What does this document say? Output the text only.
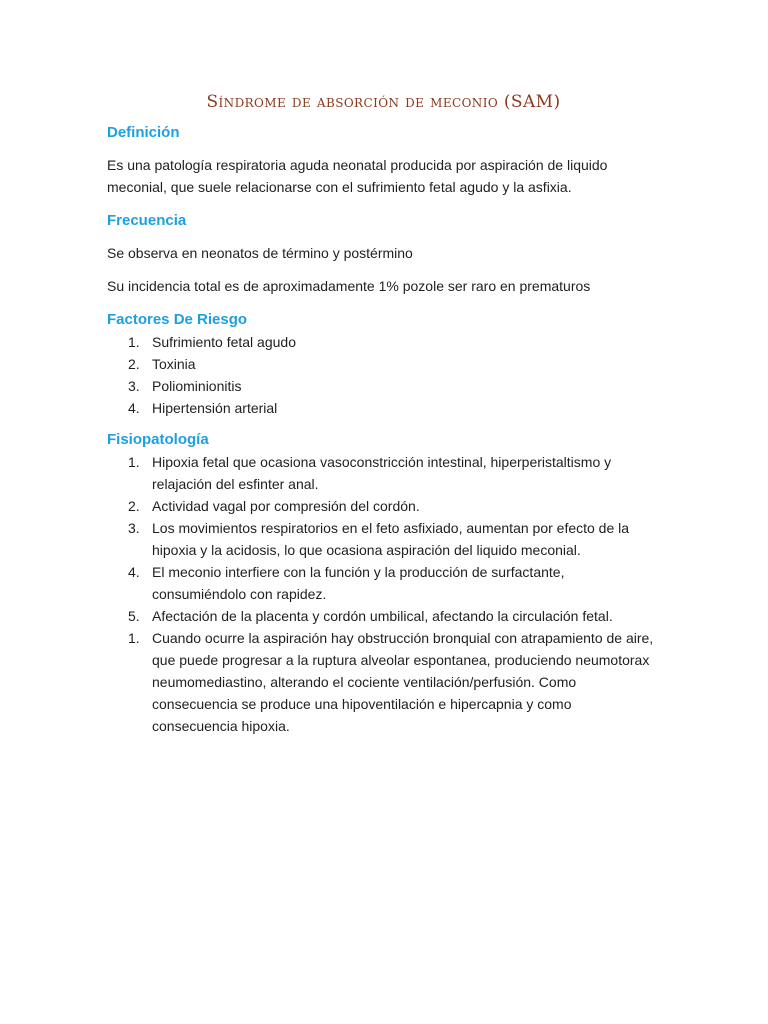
Síndrome de absorción de meconio (SAM)
Definición

Es una patología respiratoria aguda neonatal producida por aspiración de liquido meconial, que suele relacionarse con el sufrimiento fetal agudo y la asfixia.

Frecuencia

Se observa en neonatos de término y postérmino

Su incidencia total es de aproximadamente 1% pozole ser raro en prematuros

Factores De Riesgo
1. Sufrimiento fetal agudo
2. Toxinia
3. Poliominionitis
4. Hipertensión arterial
Fisiopatología
1. Hipoxia fetal que ocasiona vasoconstricción intestinal, hiperperistaltismo y relajación del esfinter anal.
2. Actividad vagal por compresión del cordón.
3. Los movimientos respiratorios en el feto asfixiado, aumentan por efecto de la hipoxia y la acidosis, lo que ocasiona aspiración del liquido meconial.
4. El meconio interfiere con la función y la producción de surfactante, consumiéndolo con rapidez.
5. Afectación de la placenta y cordón umbilical, afectando la circulación fetal.
1. Cuando ocurre la aspiración hay obstrucción bronquial con atrapamiento de aire, que puede progresar a la ruptura alveolar espontanea, produciendo neumotorax neumomediastino, alterando el cociente ventilación/perfusión. Como consecuencia se produce una hipoventilación e hipercapnia y como consecuencia hipoxia.
